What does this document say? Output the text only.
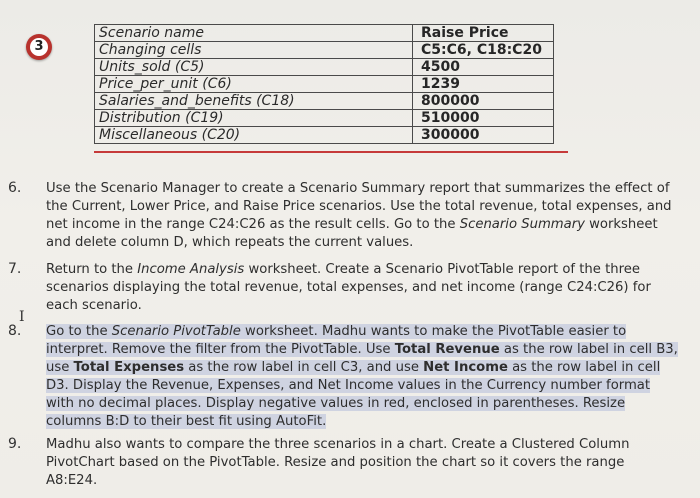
3
Scenario name	Raise Price
Changing cells	C5:C6, C18:C20
Units_sold (C5)	4500
Price_per_unit (C6)	1239
Salaries_and_benefits (C18)	800000
Distribution (C19)	510000
Miscellaneous (C20)	300000
6. Use the Scenario Manager to create a Scenario Summary report that summarizes the effect of the Current, Lower Price, and Raise Price scenarios. Use the total revenue, total expenses, and net income in the range C24:C26 as the result cells. Go to the Scenario Summary worksheet and delete column D, which repeats the current values.
7. Return to the Income Analysis worksheet. Create a Scenario PivotTable report of the three scenarios displaying the total revenue, total expenses, and net income (range C24:C26) for each scenario.
8. Go to the Scenario PivotTable worksheet. Madhu wants to make the PivotTable easier to interpret. Remove the filter from the PivotTable. Use Total Revenue as the row label in cell B3, use Total Expenses as the row label in cell C3, and use Net Income as the row label in cell D3. Display the Revenue, Expenses, and Net Income values in the Currency number format with no decimal places. Display negative values in red, enclosed in parentheses. Resize columns B:D to their best fit using AutoFit.
9. Madhu also wants to compare the three scenarios in a chart. Create a Clustered Column PivotChart based on the PivotTable. Resize and position the chart so it covers the range A8:E24.
I
